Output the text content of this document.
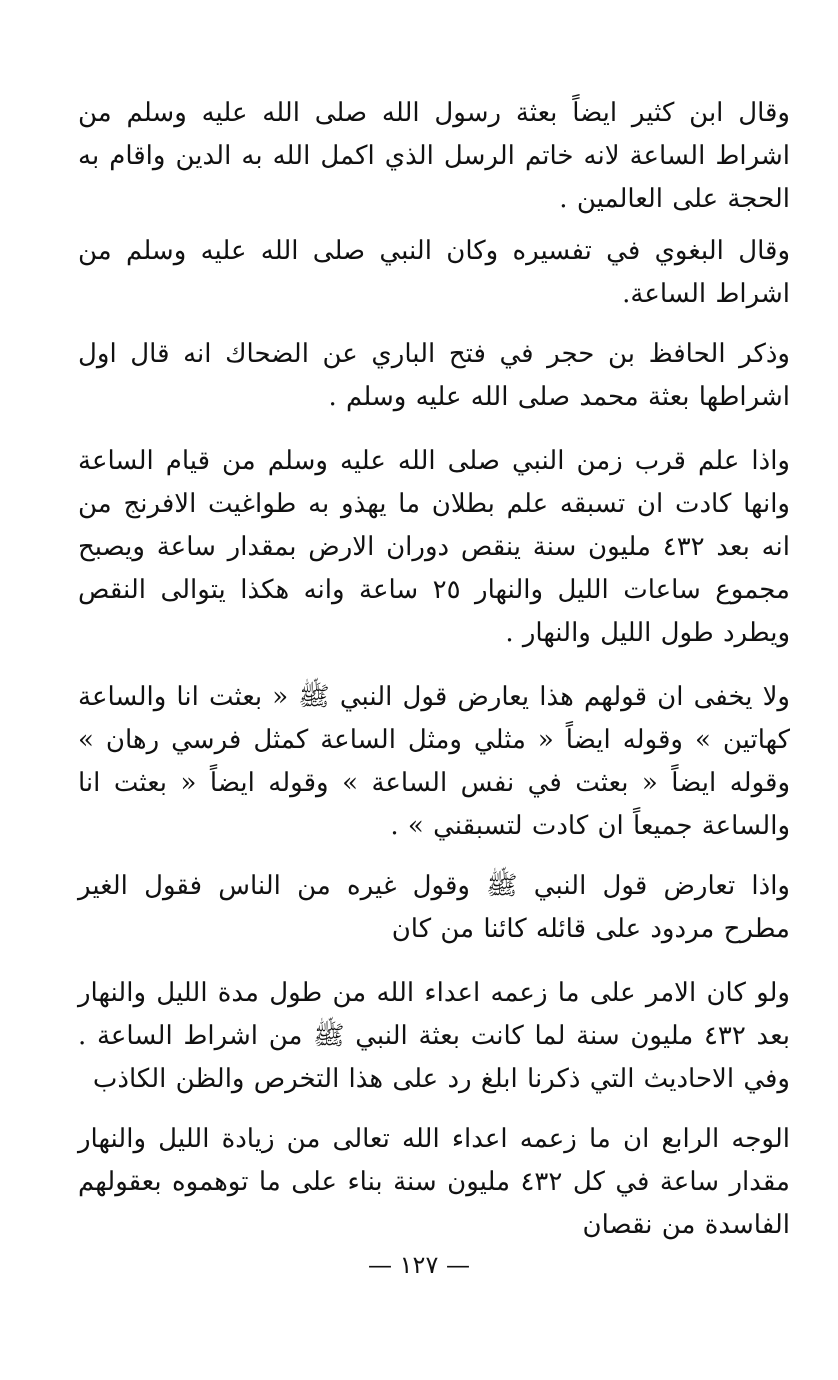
وقال ابن كثير ايضاً بعثة رسول الله صلى الله عليه وسلم من اشراط الساعة لانه خاتم الرسل الذي اكمل الله به الدين واقام به الحجة على العالمين .

وقال البغوي في تفسيره وكان النبي صلى الله عليه وسلم من اشراط الساعة.

وذكر الحافظ بن حجر في فتح الباري عن الضحاك انه قال اول اشراطها بعثة محمد صلى الله عليه وسلم .

واذا علم قرب زمن النبي صلى الله عليه وسلم من قيام الساعة وانها كادت ان تسبقه علم بطلان ما يهذو به طواغيت الافرنج من انه بعد ٤٣٢ مليون سنة ينقص دوران الارض بمقدار ساعة ويصبح مجموع ساعات الليل والنهار ٢٥ ساعة وانه هكذا يتوالى النقص ويطرد طول الليل والنهار .

ولا يخفى ان قولهم هذا يعارض قول النبي ﷺ « بعثت انا والساعة كهاتين » وقوله ايضاً « مثلي ومثل الساعة كمثل فرسي رهان » وقوله ايضاً « بعثت في نفس الساعة » وقوله ايضاً « بعثت انا والساعة جميعاً ان كادت لتسبقني » .

واذا تعارض قول النبي ﷺ وقول غيره من الناس فقول الغير مطرح مردود على قائله كائنا من كان

ولو كان الامر على ما زعمه اعداء الله من طول مدة الليل والنهار بعد ٤٣٢ مليون سنة لما كانت بعثة النبي ﷺ من اشراط الساعة . وفي الاحاديث التي ذكرنا ابلغ رد على هذا التخرص والظن الكاذب

الوجه الرابع ان ما زعمه اعداء الله تعالى من زيادة الليل والنهار مقدار ساعة في كل ٤٣٢ مليون سنة بناء على ما توهموه بعقولهم الفاسدة من نقصان

— ١٢٧ —
